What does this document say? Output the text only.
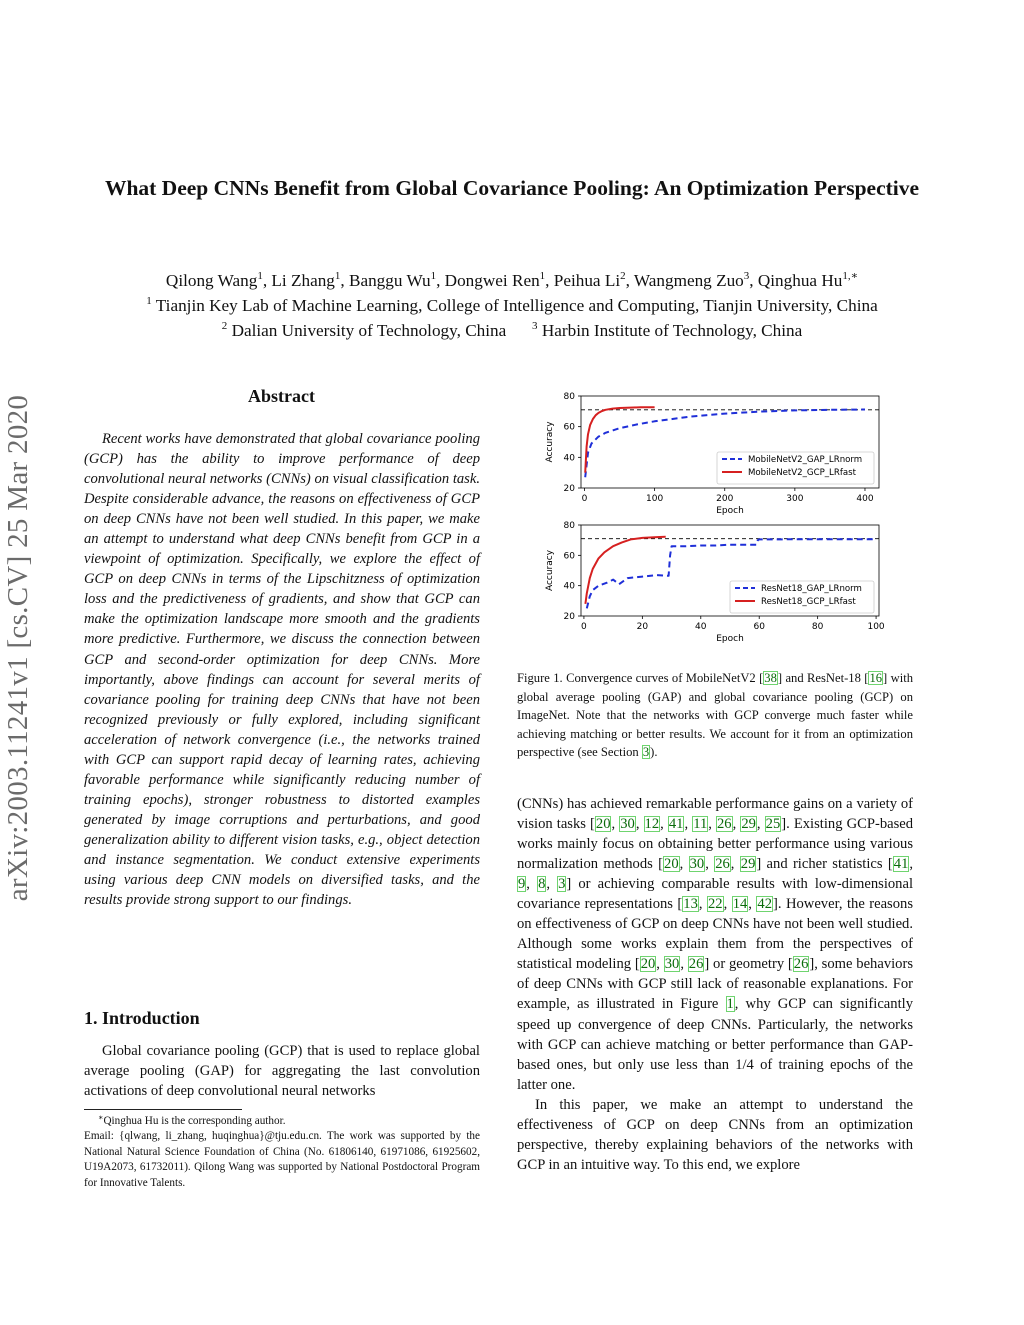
arXiv:2003.11241v1 [cs.CV] 25 Mar 2020
What Deep CNNs Benefit from Global Covariance Pooling: An Optimization Perspective
Qilong Wang$^1$, Li Zhang$^1$, Banggu Wu$^1$, Dongwei Ren$^1$, Peihua Li$^2$, Wangmeng Zuo$^3$, Qinghua $Hu^{1,∗}$
$^1$ Tianjin Key Lab of Machine Learning, College of Intelligence and Computing, Tianjin University, China
$^2$ Dalian University of Technology, China $^3$ Harbin Institute of Technology, China
Abstract
Recent works have demonstrated that global covariance pooling (GCP) has the ability to improve performance of deep convolutional neural networks (CNNs) on visual classification task. Despite considerable advance, the reasons on effectiveness of GCP on deep CNNs have not been well studied. In this paper, we make an attempt to understand what deep CNNs benefit from GCP in a viewpoint of optimization. Specifically, we explore the effect of GCP on deep CNNs in terms of the Lipschitzness of optimization loss and the predictiveness of gradients, and show that GCP can make the optimization landscape more smooth and the gradients more predictive. Furthermore, we discuss the connection between GCP and second-order optimization for deep CNNs. More importantly, above findings can account for several merits of covariance pooling for training deep CNNs that have not been recognized previously or fully explored, including significant acceleration of network convergence (i.e., the networks trained with GCP can support rapid decay of learning rates, achieving favorable performance while significantly reducing number of training epochs), stronger robustness to distorted examples generated by image corruptions and perturbations, and good generalization ability to different vision tasks, e.g., object detection and instance segmentation. We conduct extensive experiments using various deep CNN models on diversified tasks, and the results provide strong support to our findings.
1. Introduction
Global covariance pooling (GCP) that is used to replace global average pooling (GAP) for aggregating the last convolution activations of deep convolutional neural networks
∗Qinghua Hu is the corresponding author.
Email: {qlwang, li_zhang, huqinghua}@tju.edu.cn. The work was supported by the National Natural Science Foundation of China (No. 61806140, 61971086, 61925602, U19A2073, 61732011). Qilong Wang was supported by National Postdoctoral Program for Innovative Talents.
20
40
60
80
0	100	200	300	400
Epoch
Accuracy	MobileNetV2_GAP_LRnorm
MobileNetV2_GCP_LRfast
20
40
60
80
0	20	40	60	80	100
Epoch
Accuracy	ResNet18_GAP_LRnorm
ResNet18_GCP_LRfast
Figure 1. Convergence curves of MobileNetV2 [38] and ResNet-18 [16] with global average pooling (GAP) and global covariance pooling (GCP) on ImageNet. Note that the networks with GCP converge much faster while achieving matching or better results. We account for it from an optimization perspective (see Section 3).

(CNNs) has achieved remarkable performance gains on a variety of vision tasks [20, 30, 12, 41, 11, 26, 29, 25]. Existing GCP-based works mainly focus on obtaining better performance using various normalization methods [20, 30, 26, 29] and richer statistics [41, 9, 8, 3] or achieving comparable results with low-dimensional covariance representations [13, 22, 14, 42]. However, the reasons on effectiveness of GCP on deep CNNs have not been well studied. Although some works explain them from the perspectives of statistical modeling [20, 30, 26] or geometry [26], some behaviors of deep CNNs with GCP still lack of reasonable explanations. For example, as illustrated in Figure 1, why GCP can significantly speed up convergence of deep CNNs. Particularly, the networks with GCP can achieve matching or better performance than GAP-based ones, but only use less than 1/4 of training epochs of the latter one.

In this paper, we make an attempt to understand the effectiveness of GCP on deep CNNs from an optimization perspective, thereby explaining behaviors of the networks with GCP in an intuitive way. To this end, we explore
